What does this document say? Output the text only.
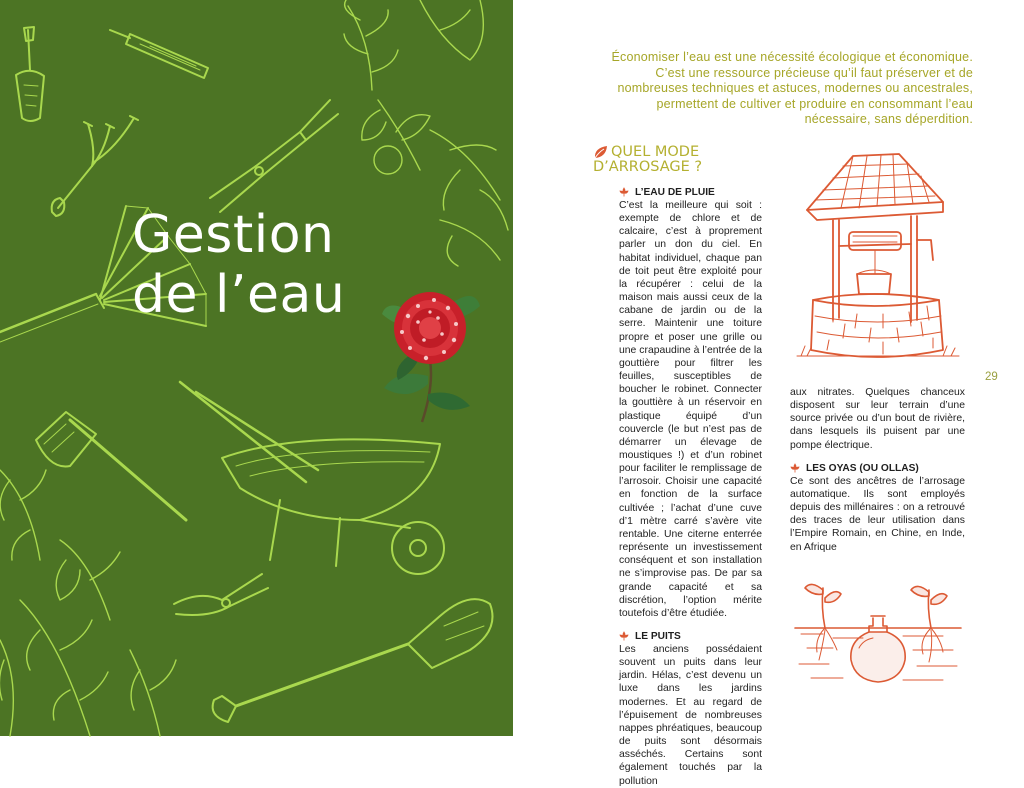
Gestion
de l’eau

Économiser l’eau est une nécessité écologique et économique. C’est une ressource précieuse qu’il faut préserver et de nombreuses techniques et astuces, modernes ou ancestrales, permettent de cultiver et produire en consommant l’eau nécessaire, sans déperdition.

QUEL MODE
D’ARROSAGE ?
L’EAU DE PLUIE

C’est la meilleure qui soit : exempte de chlore et de calcaire, c’est à proprement parler un don du ciel. En habitat individuel, chaque pan de toit peut être exploité pour la récupérer : celui de la maison mais aussi ceux de la cabane de jardin ou de la serre. Maintenir une toiture propre et poser une grille ou une crapaudine à l’entrée de la gouttière pour filtrer les feuilles, susceptibles de boucher le robinet. Connecter la gouttière à un réservoir en plastique équipé d’un couvercle (le but n’est pas de démarrer un élevage de moustiques !) et d’un robinet pour faciliter le remplissage de l’arrosoir. Choisir une capacité en fonction de la surface cultivée ; l’achat d’une cuve d’1 mètre carré s’avère vite rentable. Une citerne enterrée représente un investissement conséquent et son installation ne s’improvise pas. De par sa grande capacité et sa discrétion, l’option mérite toutefois d’être étudiée.

LE PUITS

Les anciens possédaient souvent un puits dans leur jardin. Hélas, c’est devenu un luxe dans les jardins modernes. Et au regard de l’épuisement de nombreuses nappes phréatiques, beaucoup de puits sont désormais asséchés. Certains sont également touchés par la pollution

aux nitrates. Quelques chanceux disposent sur leur terrain d’une source privée ou d’un bout de rivière, dans lesquels ils puisent par une pompe électrique.

LES OYAS (OU OLLAS)

Ce sont des ancêtres de l’arrosage automatique. Ils sont employés depuis des millénaires : on a retrouvé des traces de leur utilisation dans l’Empire Romain, en Chine, en Inde, en Afrique

29
